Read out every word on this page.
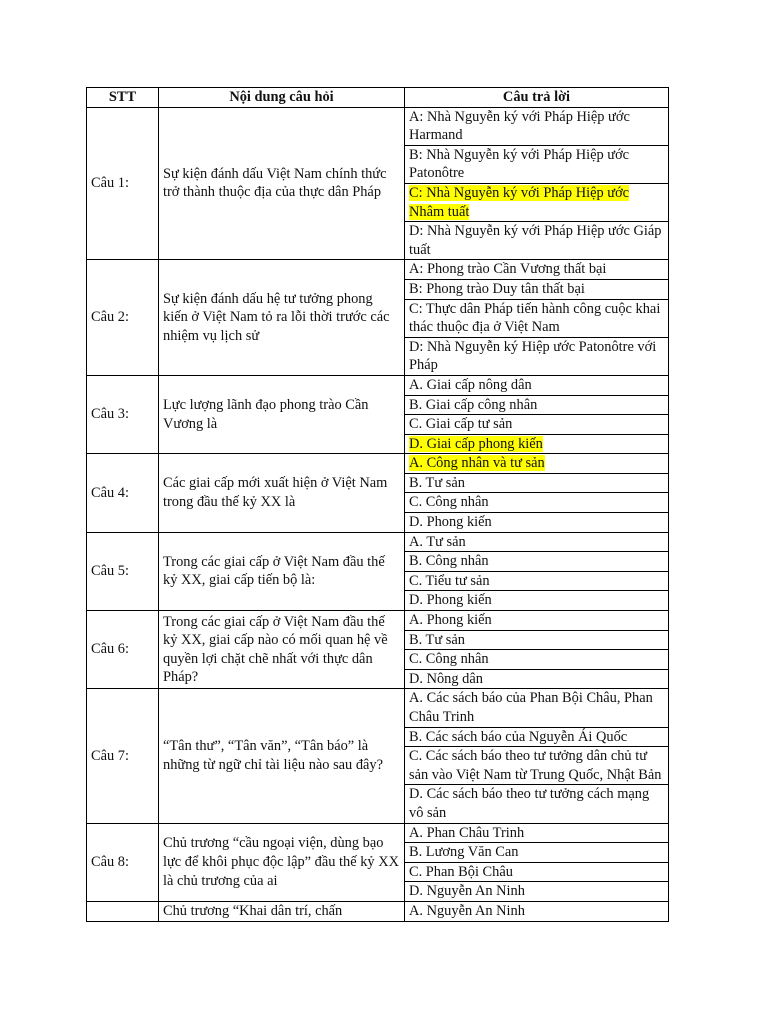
STT	Nội dung câu hỏi	Câu trả lời
Câu 1:	Sự kiện đánh dấu Việt Nam chính thức trở thành thuộc địa của thực dân Pháp	A: Nhà Nguyễn ký với Pháp Hiệp ước Harmand
		B: Nhà Nguyễn ký với Pháp Hiệp ước Patonôtre
		C: Nhà Nguyễn ký với Pháp Hiệp ước Nhâm tuất
		D: Nhà Nguyễn ký với Pháp Hiệp ước Giáp tuất
Câu 2:	Sự kiện đánh dấu hệ tư tưởng phong kiến ở Việt Nam tỏ ra lỗi thời trước các nhiệm vụ lịch sử	A: Phong trào Cần Vương thất bại
		B: Phong trào Duy tân thất bại
		C: Thực dân Pháp tiến hành công cuộc khai thác thuộc địa ở Việt Nam
		D: Nhà Nguyễn ký Hiệp ước Patonôtre với Pháp
Câu 3:	Lực lượng lãnh đạo phong trào Cần Vương là	A. Giai cấp nông dân
		B. Giai cấp công nhân
		C. Giai cấp tư sản
		D. Giai cấp phong kiến
Câu 4:	Các giai cấp mới xuất hiện ở Việt Nam trong đầu thế kỷ XX là	A. Công nhân và tư sản
		B. Tư sản
		C. Công nhân
		D. Phong kiến
Câu 5:	Trong các giai cấp ở Việt Nam đầu thế kỷ XX, giai cấp tiến bộ là:	A. Tư sản
		B. Công nhân
		C. Tiểu tư sản
		D. Phong kiến
Câu 6:	Trong các giai cấp ở Việt Nam đầu thế kỷ XX, giai cấp nào có mối quan hệ về quyền lợi chặt chẽ nhất với thực dân Pháp?	A. Phong kiến
		B. Tư sản
		C. Công nhân
		D. Nông dân
Câu 7:	“Tân thư”, “Tân văn”, “Tân báo” là những từ ngữ chỉ tài liệu nào sau đây?	A. Các sách báo của Phan Bội Châu, Phan Châu Trinh
		B. Các sách báo của Nguyễn Ái Quốc
		C. Các sách báo theo tư tưởng dân chủ tư sản vào Việt Nam từ Trung Quốc, Nhật Bản
		D. Các sách báo theo tư tưởng cách mạng vô sản
Câu 8:	Chủ trương “cầu ngoại viện, dùng bạo lực để khôi phục độc lập” đầu thế kỷ XX là chủ trương của ai	A. Phan Châu Trinh
		B. Lương Văn Can
		C. Phan Bội Châu
		D. Nguyễn An Ninh
	Chủ trương “Khai dân trí, chấn	A. Nguyễn An Ninh
